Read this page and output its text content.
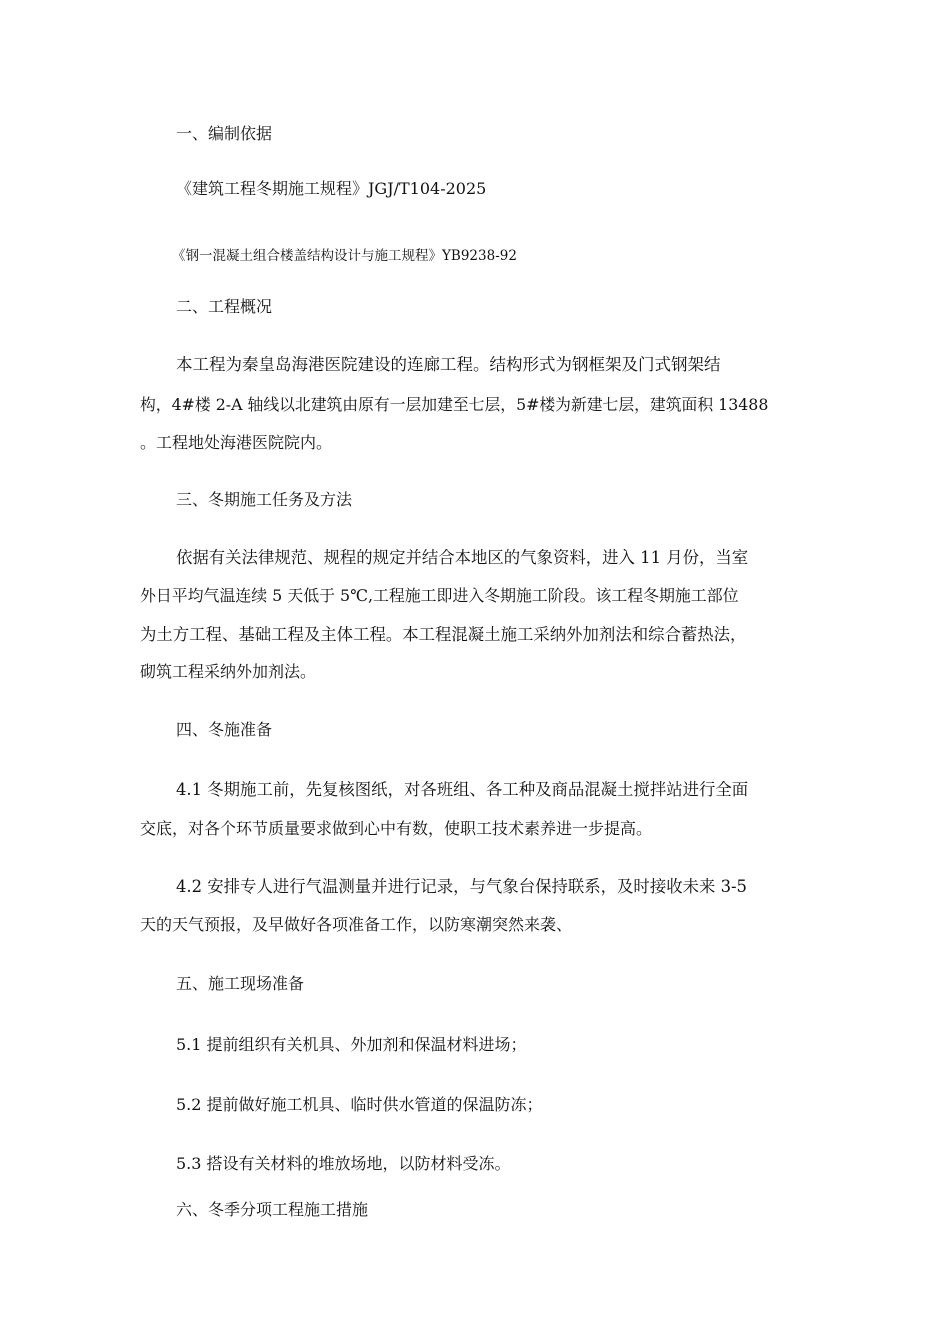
一、编制依据

《建筑工程冬期施工规程》JGJ/T104-2025

《钢一混凝土组合楼盖结构设计与施工规程》YB9238-92

二、工程概况

本工程为秦皇岛海港医院建设的连廊工程。结构形式为钢框架及门式钢架结

构，4#楼 2-A 轴线以北建筑由原有一层加建至七层，5#楼为新建七层，建筑面积 13488

。工程地处海港医院院内。

三、冬期施工任务及方法

依据有关法律规范、规程的规定并结合本地区的气象资料，进入 11 月份，当室

外日平均气温连续 5 天低于 5℃,工程施工即进入冬期施工阶段。该工程冬期施工部位

为土方工程、基础工程及主体工程。本工程混凝土施工采纳外加剂法和综合蓄热法，

砌筑工程采纳外加剂法。

四、冬施准备

4.1 冬期施工前，先复核图纸，对各班组、各工种及商品混凝土搅拌站进行全面

交底，对各个环节质量要求做到心中有数，使职工技术素养进一步提高。

4.2 安排专人进行气温测量并进行记录，与气象台保持联系，及时接收未来 3-5

天的天气预报，及早做好各项准备工作，以防寒潮突然来袭、

五、施工现场准备

5.1 提前组织有关机具、外加剂和保温材料进场；

5.2 提前做好施工机具、临时供水管道的保温防冻；

5.3 搭设有关材料的堆放场地，以防材料受冻。

六、冬季分项工程施工措施
